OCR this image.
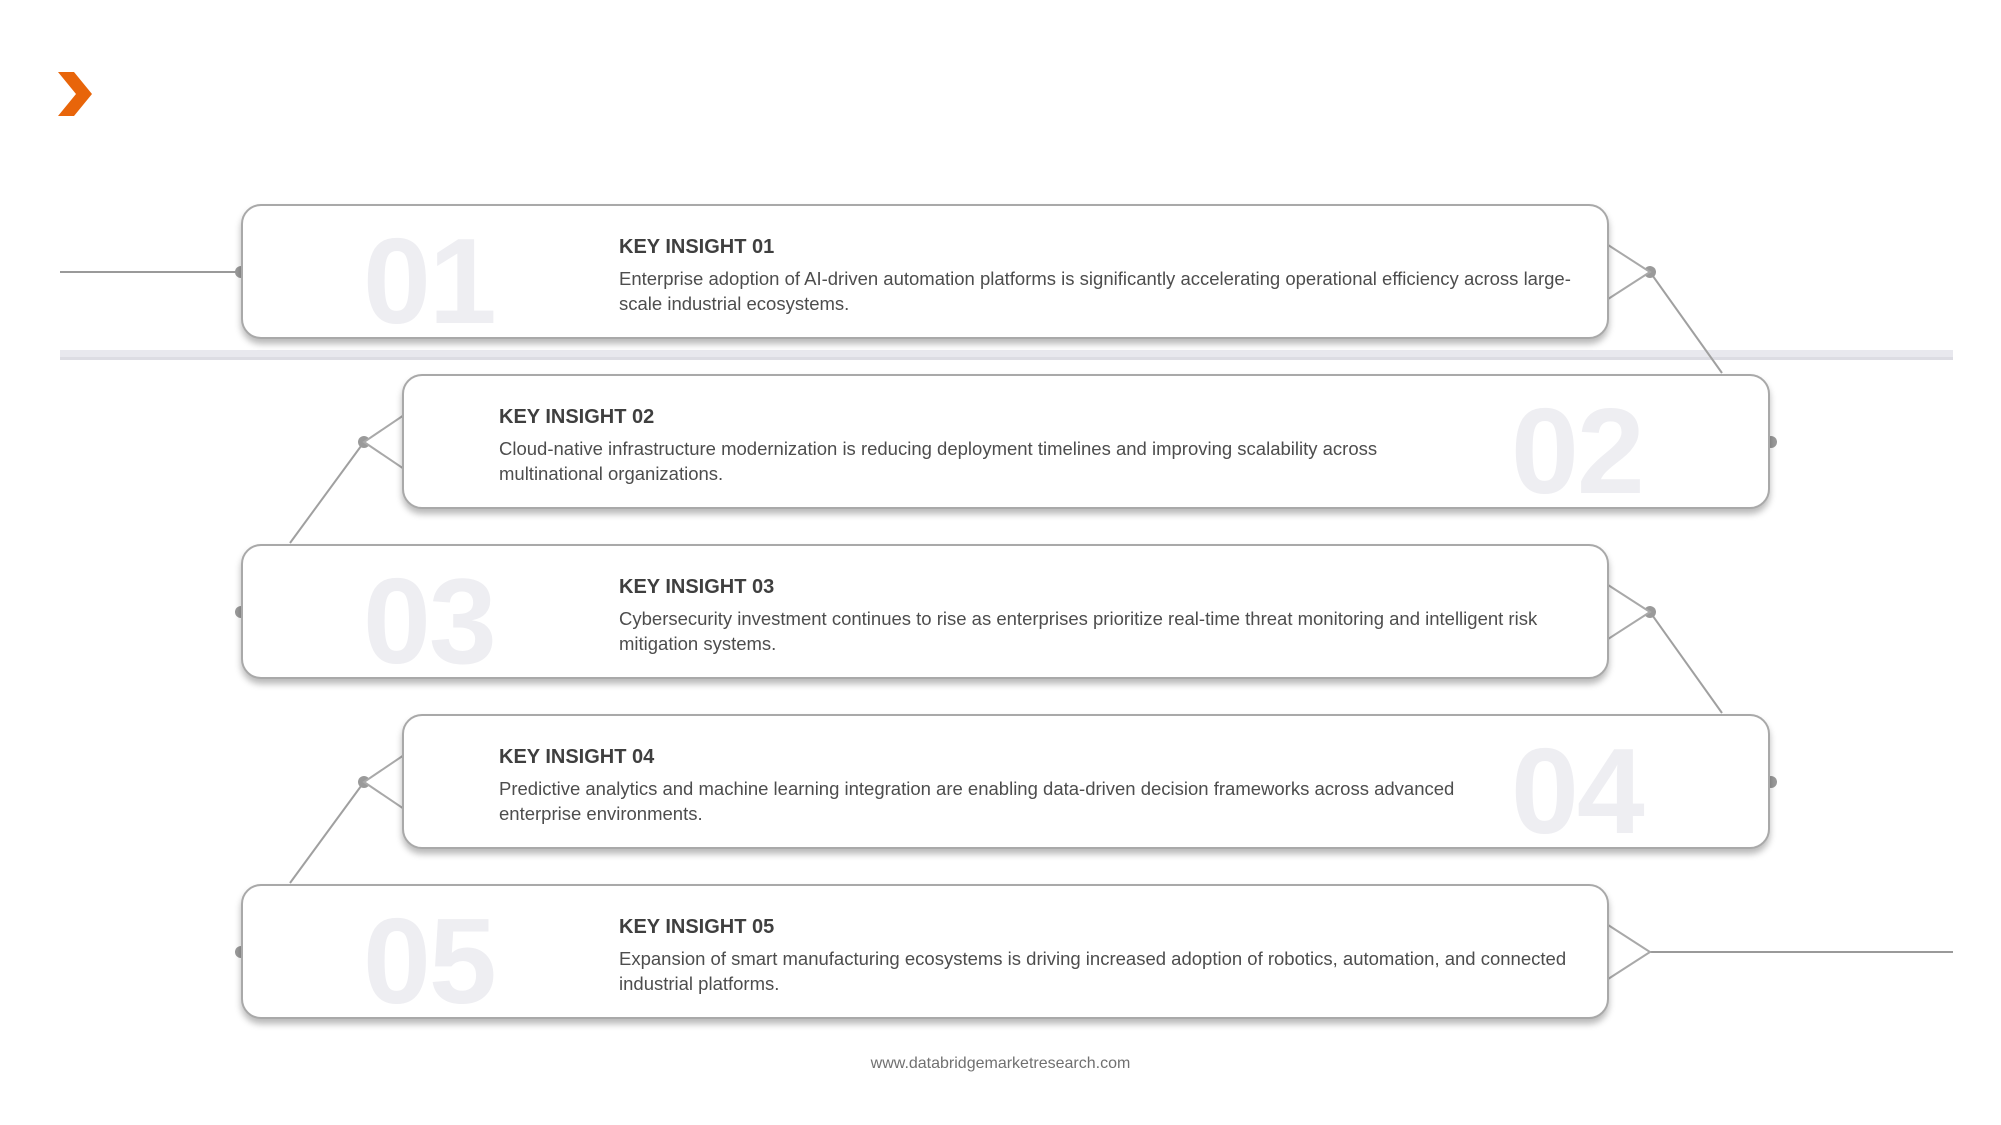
01	KEY INSIGHT 01
Enterprise adoption of AI-driven automation platforms is significantly accelerating operational efficiency across large-scale industrial ecosystems.
02
KEY INSIGHT 02
Cloud-native infrastructure modernization is reducing deployment timelines and improving scalability across multinational organizations.
03	KEY INSIGHT 03
Cybersecurity investment continues to rise as enterprises prioritize real-time threat monitoring and intelligent risk mitigation systems.
04
KEY INSIGHT 04
Predictive analytics and machine learning integration are enabling data-driven decision frameworks across advanced enterprise environments.
05	KEY INSIGHT 05
Expansion of smart manufacturing ecosystems is driving increased adoption of robotics, automation, and connected industrial platforms.
www.databridgemarketresearch.com
